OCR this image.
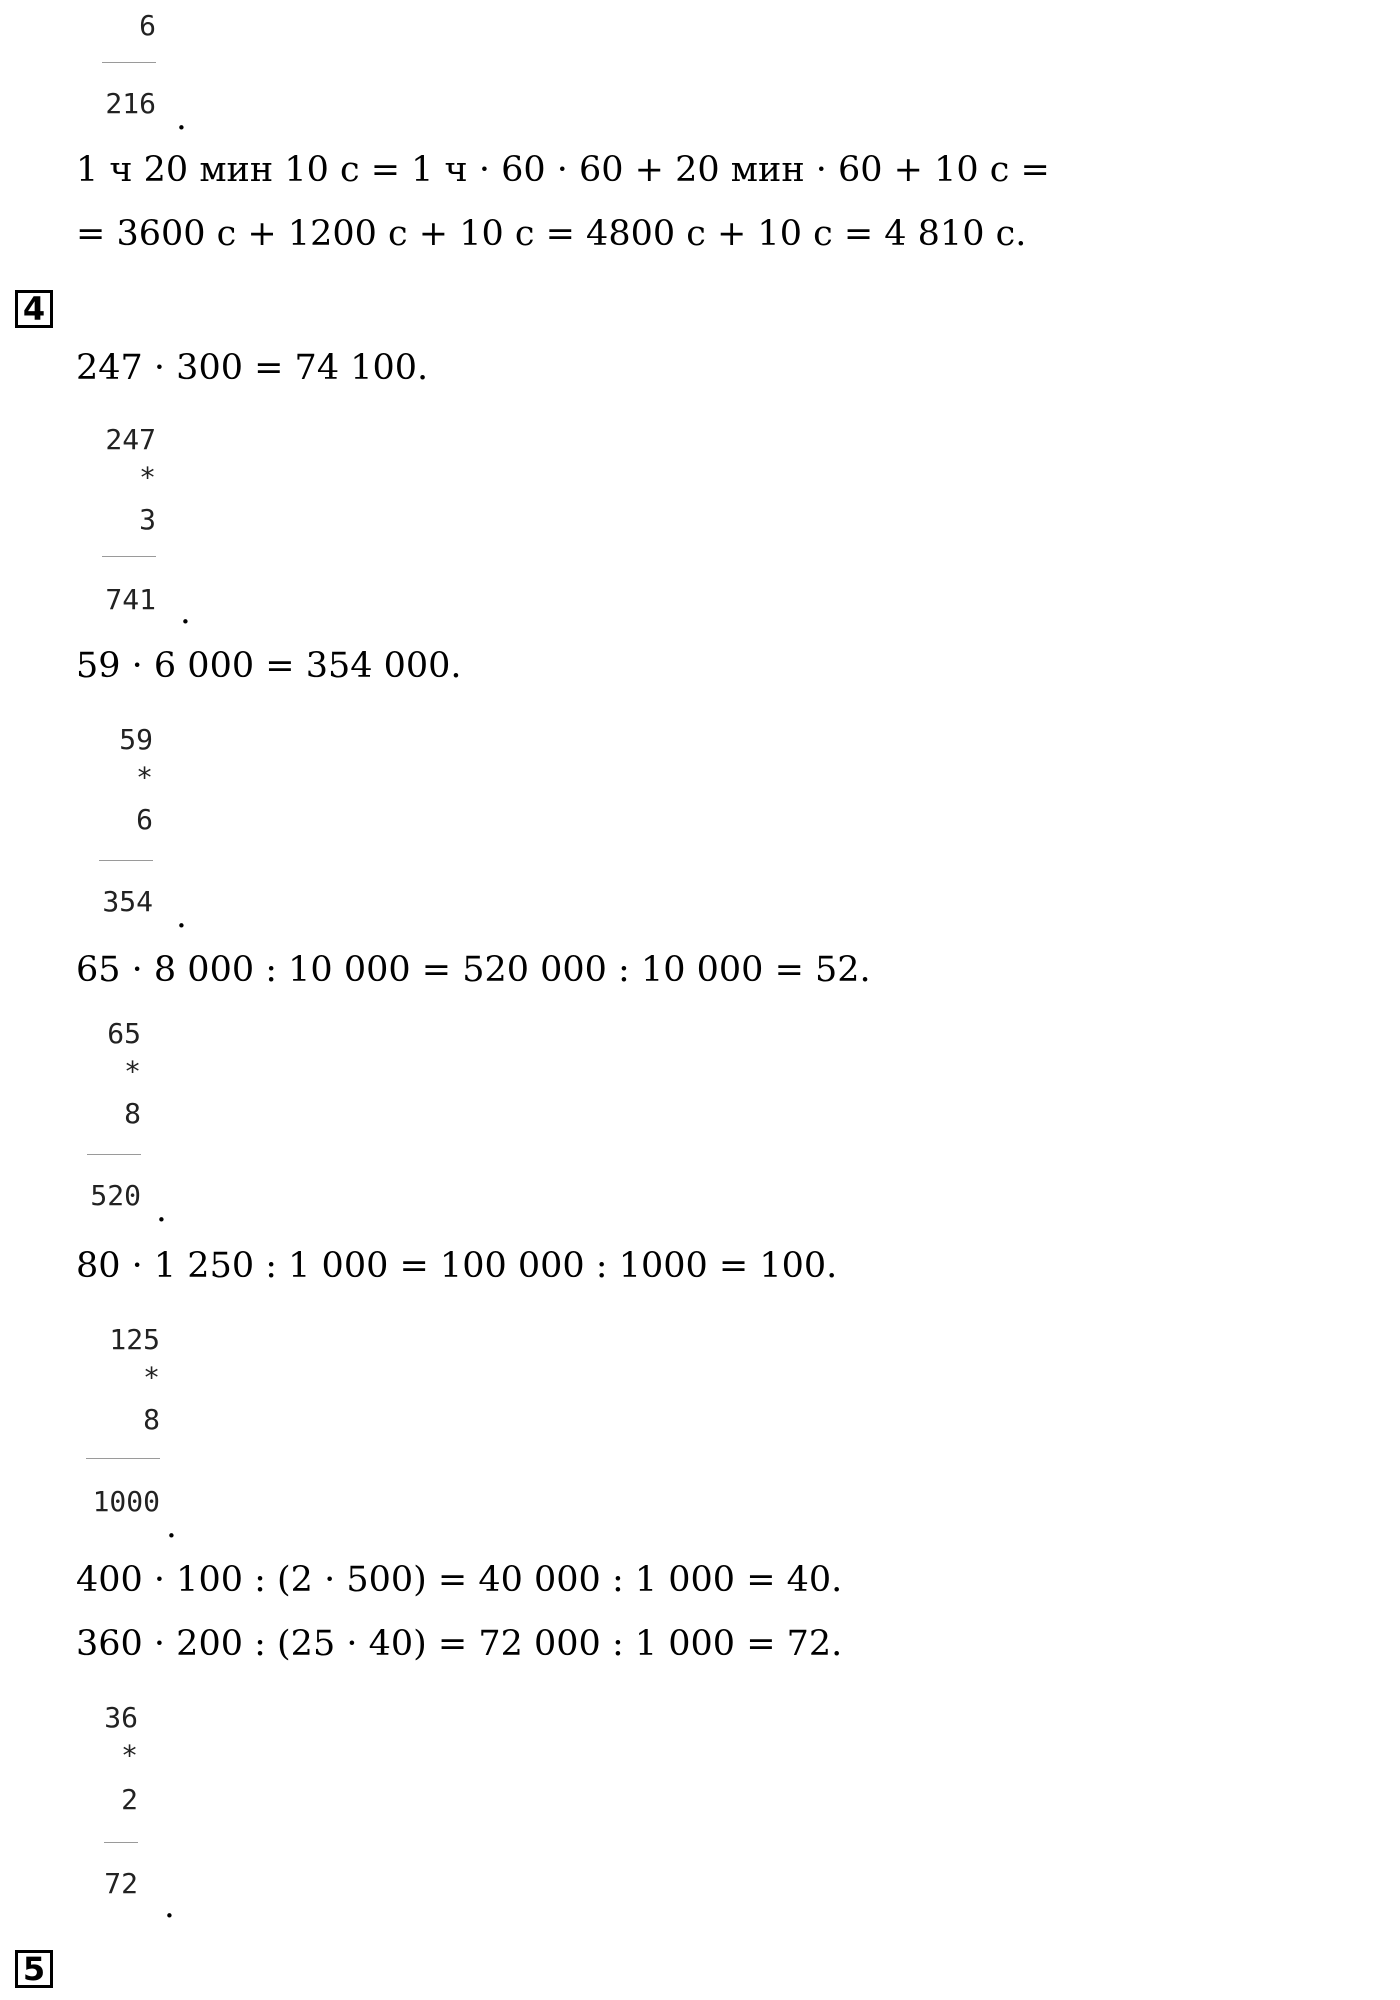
6
216 .
1 ч 20 мин 10 с = 1 ч · 60 · 60 + 20 мин · 60 + 10 с =
= 3600 с + 1200 с + 10 с = 4800 с + 10 с = 4 810 с.
4
247 · 300 = 74 100.
247
*
3
741 .
59 · 6 000 = 354 000.
59
*
6
354 .
65 · 8 000 : 10 000 = 520 000 : 10 000 = 52.
65
*
8
520 .
80 · 1 250 : 1 000 = 100 000 : 1000 = 100.
125
*
8
1000
.
400 · 100 : (2 · 500) = 40 000 : 1 000 = 40.
360 · 200 : (25 · 40) = 72 000 : 1 000 = 72.
36
*
2
72
.
5
